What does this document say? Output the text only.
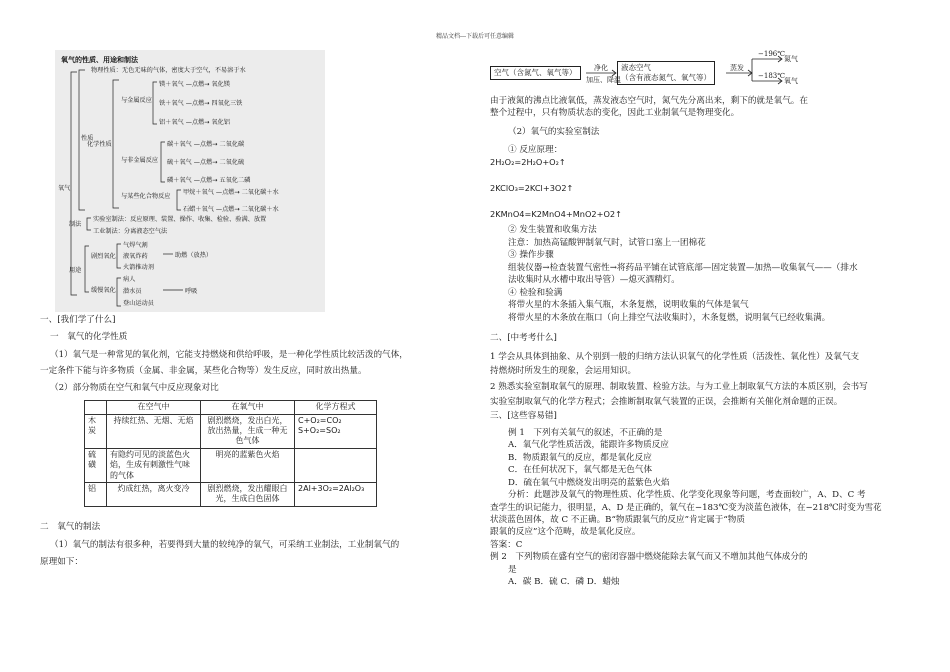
精品文档---下载后可任意编辑
氧气的性质、用途和制法
氧气
性质
物理性质：无色无味的气体，密度大于空气，不易溶于水
化学性质
与金属反应
镁＋氧气 —点燃→ 氧化镁
铁＋氧气 —点燃→ 四氧化三铁
铝＋氧气 —点燃→ 氧化铝
与非金属反应
碳＋氧气 —点燃→ 二氧化碳
硫＋氧气 —点燃→ 二氧化硫
磷＋氧气 —点燃→ 五氧化二磷
与某些化合物反应
甲烷＋氧气 —点燃→ 二氧化碳＋水
石蜡＋氧气 —点燃→ 二氧化碳＋水
制法
实验室制法：反应原理、装置、操作、收集、检验、验满、放置
工业制法：分离液态空气法
用途
剧烈氧化
气焊气割
液氧炸药
火箭推动剂
助燃（放热）
缓慢氧化
病人
潜水员
登山运动员
呼吸

一、[我们学了什么]

一　氧气的化学性质

（1）氧气是一种常见的氧化剂，它能支持燃烧和供给呼吸，是一种化学性质比较活泼的气体，

一定条件下能与许多物质（金属、非金属，某些化合物等）发生反应，同时放出热量。

（2）部分物质在空气和氧气中反应现象对比

	在空气中	在氧气中	化学方程式
木炭	持续红热、无烟、无焰	剧烈燃烧，发出白光，放出热量，生成一种无色气体	C+O₂=CO₂
S+O₂=SO₂
硫磺	有隐约可见的淡蓝色火焰，生成有刺激性气味的气体	明亮的蓝紫色火焰	
铝	灼成红热，离火变冷	剧烈燃烧，发出耀眼白光，生成白色固体	2Al+3O₂=2Al₂O₃

二　氧气的制法

（1）氧气的制法有很多种，若要得到大量的较纯净的氧气，可采纳工业制法，工业制氧气的

原理如下：

空气（含氮气、氧气等）	净化
加压、降温
液态空气
（含有液态氮气、氧气等）
蒸发
−196℃
氮气
−183℃
氧气

由于液氮的沸点比液氧低，蒸发液态空气时，氮气先分离出来，剩下的就是氧气。在

整个过程中，只有物质状态的变化，因此工业制氧气是物理变化。

（2）氧气的实验室制法

① 反应原理：

2H₂O₂=2H₂O+O₂↑

2KClO₃=2KCl+3O2↑

2KMnO4=K2MnO4+MnO2+O2↑

② 发生装置和收集方法

注意：加热高锰酸钾制氧气时，试管口塞上一团棉花

③ 操作步骤

组装仪器→检查装置气密性→将药品平铺在试管底部—固定装置—加热—收集氧气——（排水

法收集时从水槽中取出导管）—熄灭酒精灯。

④ 检验和验满

将带火星的木条插入集气瓶，木条复燃，说明收集的气体是氧气

将带火星的木条放在瓶口（向上排空气法收集时），木条复燃，说明氧气已经收集满。

二、[中考考什么]

1 学会从具体到抽象、从个别到一般的归纳方法认识氧气的化学性质（活泼性、氧化性）及氧气支

持燃烧时所发生的现象，会运用知识。

2 熟悉实验室制取氧气的原理、制取装置、检验方法。与为工业上制取氧气方法的本质区别，会书写

实验室制取氧气的化学方程式；会推断制取氧气装置的正误，会推断有关催化剂命题的正误。

三、[这些容易错]

例 1　下列有关氧气的叙述，不正确的是

A．氧气化学性质活泼，能跟许多物质反应

B．物质跟氧气的反应，都是氧化反应

C．在任何状况下，氧气都是无色气体

D．硫在氧气中燃烧发出明亮的蓝紫色火焰

分析：此题涉及氧气的物理性质、化学性质、化学变化现象等问题，考查面较广，A、D、C 考

查学生的识记能力，很明显，A、D 是正确的，氧气在−183℃变为淡蓝色液体，在−218℃时变为雪花

状淡蓝色固体，故 C 不正确。B“物质跟氧气的反应”肯定属于“物质

跟氧的反应”这个范畴，故是氧化反应。

答案：C

例 2　下列物质在盛有空气的密闭容器中燃烧能除去氧气而又不增加其他气体成分的

是

A．碳 B．硫 C．磷 D．蜡烛
